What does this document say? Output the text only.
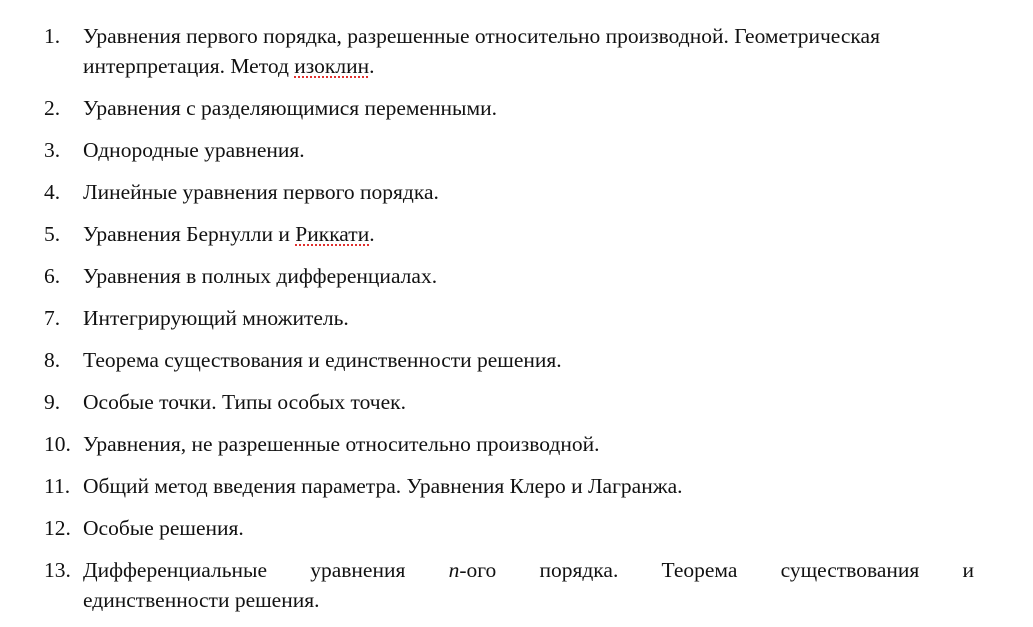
1.	Уравнения первого порядка, разрешенные относительно производной. Геометрическая интерпретация. Метод изоклин.
2.	Уравнения с разделяющимися переменными.
3.	Однородные уравнения.
4.	Линейные уравнения первого порядка.
5.	Уравнения Бернулли и Риккати.
6.	Уравнения в полных дифференциалах.
7.	Интегрирующий множитель.
8.	Теорема существования и единственности решения.
9.	Особые точки. Типы особых точек.
10. Уравнения, не разрешенные относительно производной.
11. Общий метод введения параметра. Уравнения Клеро и Лагранжа.
12. Особые решения.
13. Дифференциальные уравнения n-ого порядка. Теорема существования и
единственности решения.
